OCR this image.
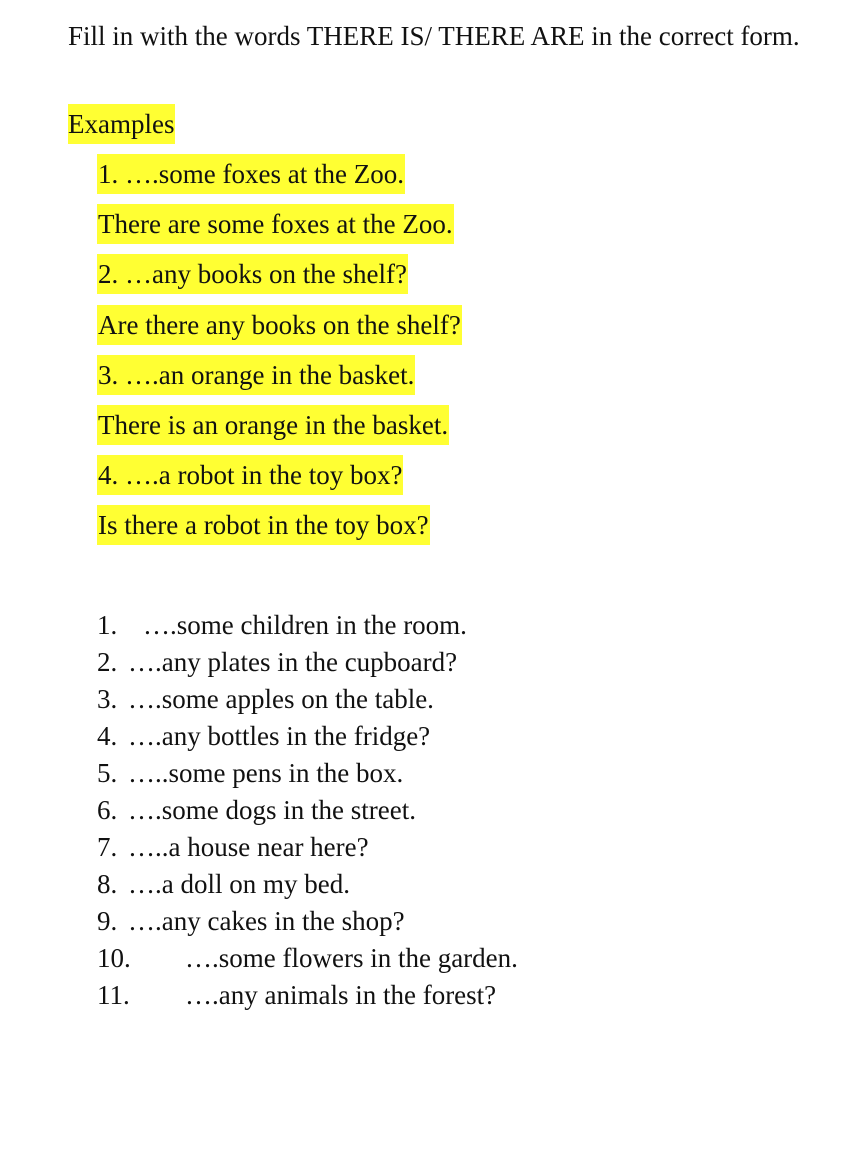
Fill in with the words THERE IS/ THERE ARE in the correct form.

Examples
1. ….some foxes at the Zoo.
There are some foxes at the Zoo.
2. …any books on the shelf?
Are there any books on the shelf?
3. ….an orange in the basket.
There is an orange in the basket.
4. ….a robot in the toy box?
Is there a robot in the toy box?
1. ….some children in the room.
2. ….any plates in the cupboard?
3. ….some apples on the table.
4. ….any bottles in the fridge?
5. …..some pens in the box.
6. ….some dogs in the street.
7. …..a house near here?
8. ….a doll on my bed.
9. ….any cakes in the shop?
10.	….some flowers in the garden.
11.	….any animals in the forest?
